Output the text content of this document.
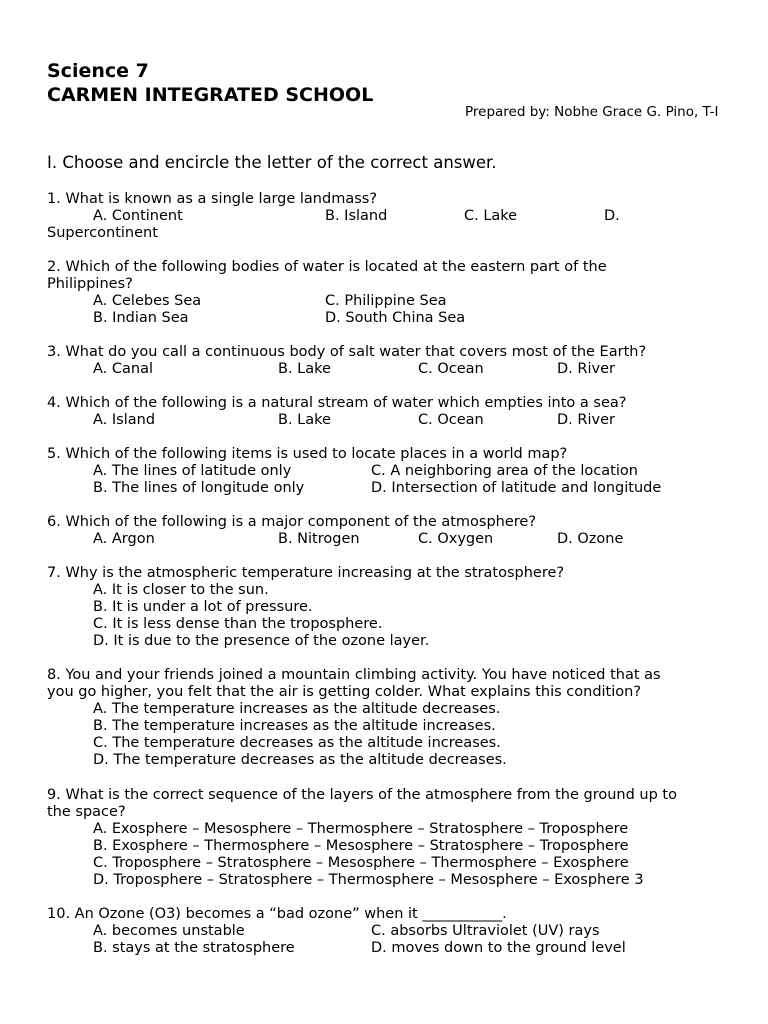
Science 7
CARMEN INTEGRATED SCHOOL
Prepared by: Nobhe Grace G. Pino, T-I
I. Choose and encircle the letter of the correct answer.
1. What is known as a single large landmass?
A. Continent	B. Island	C. Lake	D.
Supercontinent
2. Which of the following bodies of water is located at the eastern part of the
Philippines?
A. Celebes Sea	C. Philippine Sea
B. Indian Sea	D. South China Sea
3. What do you call a continuous body of salt water that covers most of the Earth?
A. Canal	B. Lake	C. Ocean	D. River
4. Which of the following is a natural stream of water which empties into a sea?
A. Island	B. Lake	C. Ocean	D. River
5. Which of the following items is used to locate places in a world map?
A. The lines of latitude only	C. A neighboring area of the location
B. The lines of longitude only	D. Intersection of latitude and longitude
6. Which of the following is a major component of the atmosphere?
A. Argon	B. Nitrogen	C. Oxygen	D. Ozone
7. Why is the atmospheric temperature increasing at the stratosphere?
A. It is closer to the sun.
B. It is under a lot of pressure.
C. It is less dense than the troposphere.
D. It is due to the presence of the ozone layer.
8. You and your friends joined a mountain climbing activity. You have noticed that as
you go higher, you felt that the air is getting colder. What explains this condition?
A. The temperature increases as the altitude decreases.
B. The temperature increases as the altitude increases.
C. The temperature decreases as the altitude increases.
D. The temperature decreases as the altitude decreases.
9. What is the correct sequence of the layers of the atmosphere from the ground up to
the space?
A. Exosphere – Mesosphere – Thermosphere – Stratosphere – Troposphere
B. Exosphere – Thermosphere – Mesosphere – Stratosphere – Troposphere
C. Troposphere – Stratosphere – Mesosphere – Thermosphere – Exosphere
D. Troposphere – Stratosphere – Thermosphere – Mesosphere – Exosphere 3
10. An Ozone (O3) becomes a “bad ozone” when it ___________.
A. becomes unstable	C. absorbs Ultraviolet (UV) rays
B. stays at the stratosphere	D. moves down to the ground level
